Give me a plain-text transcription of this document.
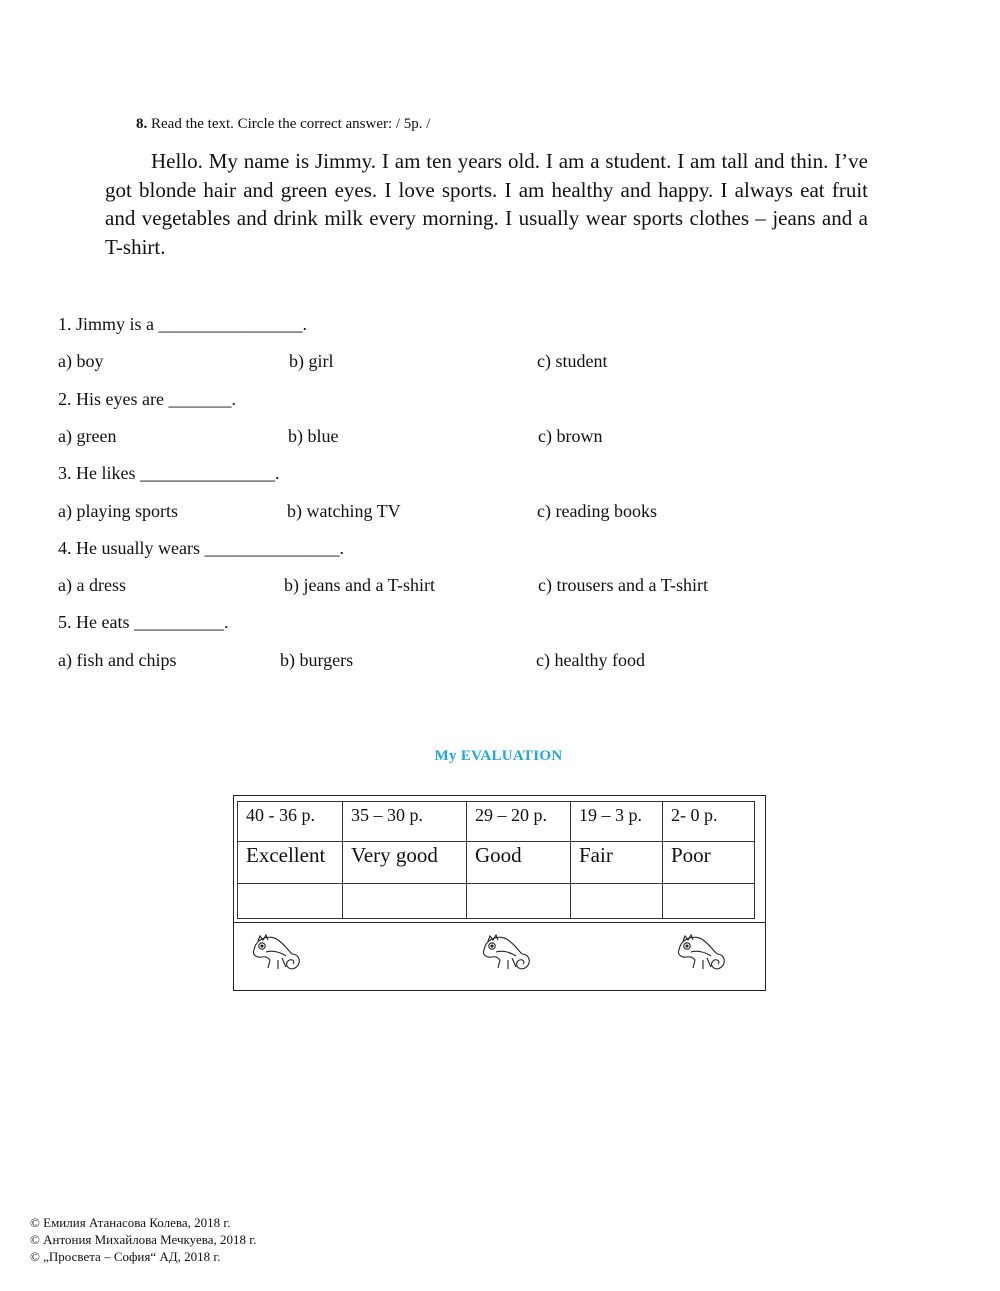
8. Read the text. Circle the correct answer: / 5p. /
Hello. My name is Jimmy. I am ten years old. I am a student. I am tall and thin. I’ve got blonde hair and green eyes. I love sports. I am healthy and happy. I always eat fruit and vegetables and drink milk every morning. I usually wear sports clothes – jeans and a T-shirt.
1. Jimmy is a ________________.
a) boy	b) girl	c) student
2. His eyes are _______.
a) green	b) blue	c) brown
3. He likes _______________.
a) playing sports	b) watching TV	c) reading books
4. He usually wears _______________.
a) a dress	b) jeans and a T-shirt	c) trousers and a T-shirt
5. He eats __________.
a) fish and chips	b) burgers	c) healthy food
My EVALUATION
40 - 36 p.	35 – 30 p.	29 – 20 p.	19 – 3 p.	2- 0 p.
Excellent	Very good	Good	Fair	Poor

© Емилия Атанасова Колева, 2018 г.
© Антония Михайлова Мечкуева, 2018 г.
© „Просвета – София“ АД, 2018 г.
